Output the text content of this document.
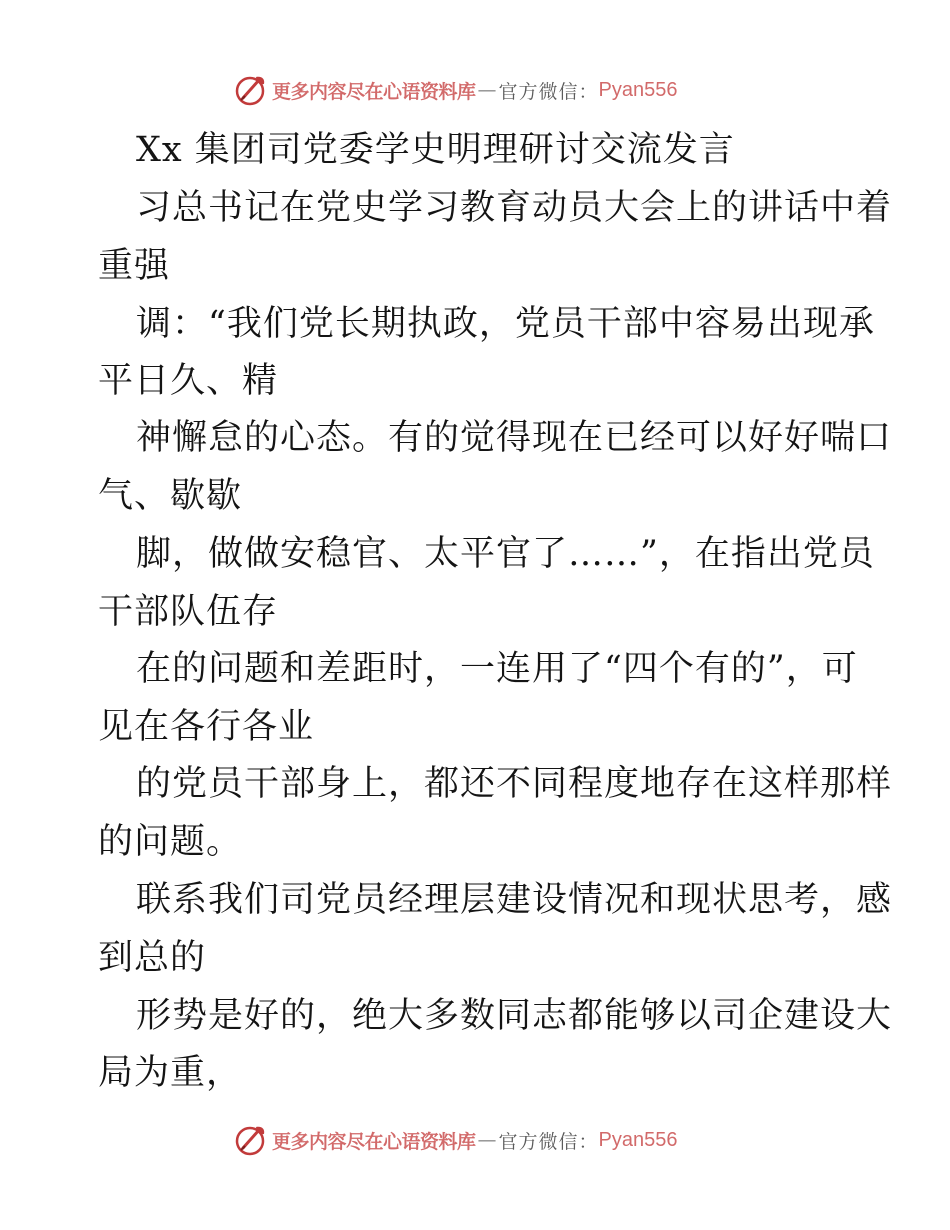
更多内容尽在心语资料库 — 官方微信： Pyan556
Xx 集团司党委学史明理研讨交流发言
习总书记在党史学习教育动员大会上的讲话中着
重强
调：“我们党长期执政，党员干部中容易出现承
平日久、精
神懈怠的心态。有的觉得现在已经可以好好喘口
气、歇歇
脚，做做安稳官、太平官了……”，在指出党员
干部队伍存
在的问题和差距时，一连用了“四个有的”，可
见在各行各业
的党员干部身上，都还不同程度地存在这样那样
的问题。
联系我们司党员经理层建设情况和现状思考，感
到总的
形势是好的，绝大多数同志都能够以司企建设大
局为重，
更多内容尽在心语资料库 — 官方微信： Pyan556
